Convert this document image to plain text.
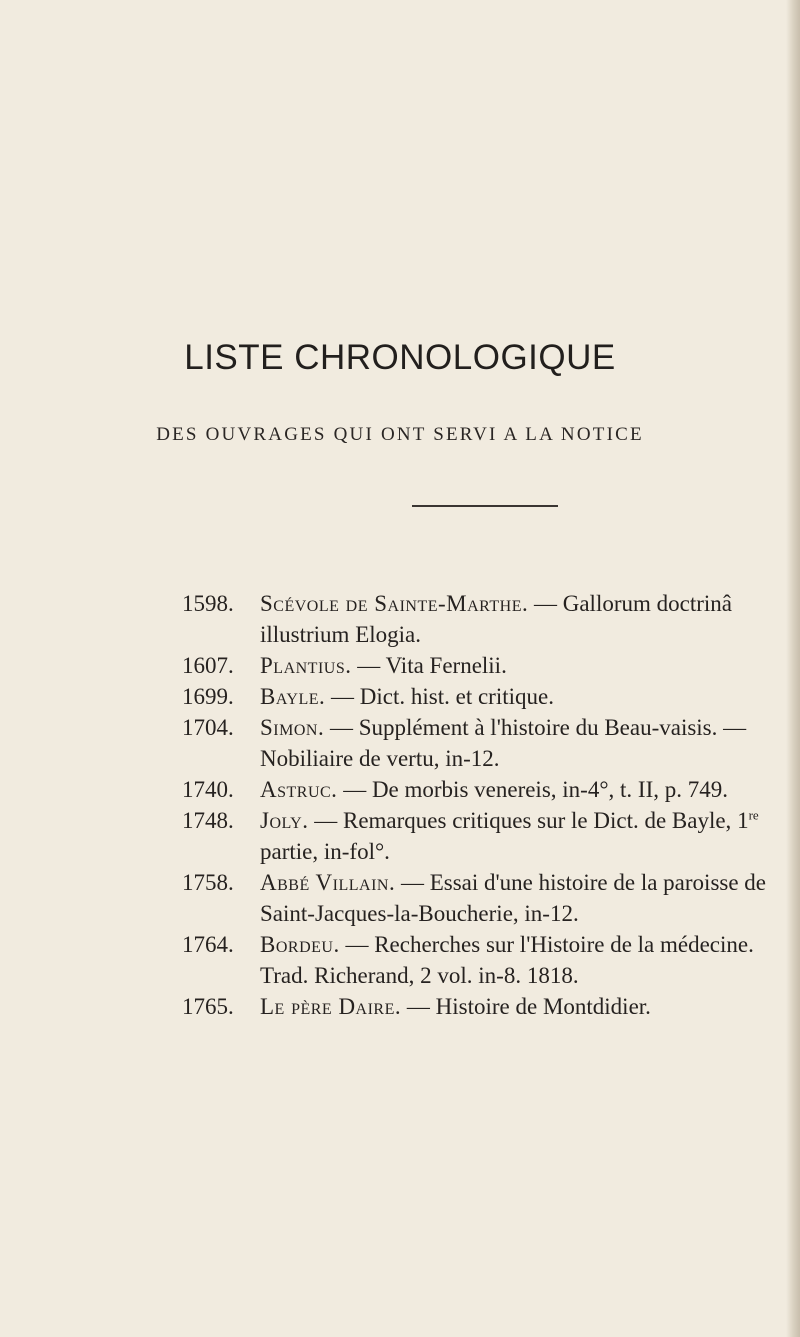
LISTE CHRONOLOGIQUE
DES OUVRAGES QUI ONT SERVI A LA NOTICE
1598.	Scévole de Sainte-Marthe. — Gallorum doctrinâ illustrium Elogia.
1607.	Plantius. — Vita Fernelii.
1699.	Bayle. — Dict. hist. et critique.
1704.	Simon. — Supplément à l'histoire du Beau-vaisis. — Nobiliaire de vertu, in-12.
1740.	Astruc. — De morbis venereis, in-4°, t. II, p. 749.
1748.	Joly. — Remarques critiques sur le Dict. de Bayle, 1re partie, in-fol°.
1758.	Abbé Villain. — Essai d'une histoire de la paroisse de Saint-Jacques-la-Boucherie, in-12.
1764.	Bordeu. — Recherches sur l'Histoire de la médecine. Trad. Richerand, 2 vol. in-8. 1818.
1765.	Le père Daire. — Histoire de Montdidier.
